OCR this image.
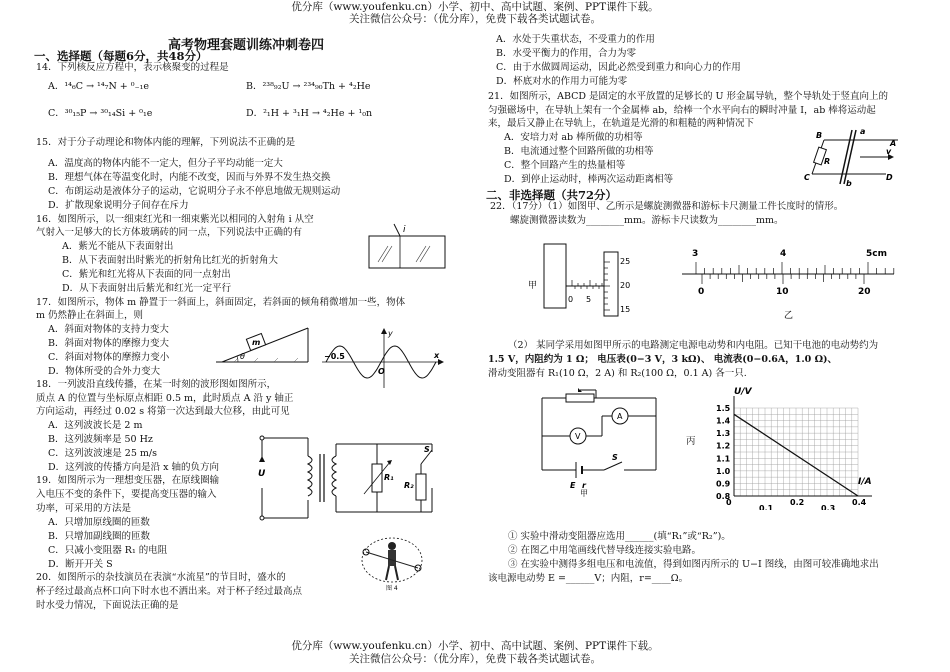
优分库（www.youfenku.cn）小学、初中、高中试题、案例、PPT课件下载。
关注微信公众号：（优分库），免费下载各类试题试卷。
高考物理套题训练冲刺卷四
一、选择题（每题6分，共48分）
14．下列核反应方程中，表示核聚变的过程是
A．¹⁴₆C → ¹⁴₇N + ⁰₋₁e	B．²³⁸₉₂U → ²³⁴₉₀Th + ⁴₂He
C．³⁰₁₅P → ³⁰₁₄Si + ⁰₁e	D．²₁H + ³₁H → ⁴₂He + ¹₀n
15．对于分子动理论和物体内能的理解，下列说法不正确的是
A．温度高的物体内能不一定大，但分子平均动能一定大
B．理想气体在等温变化时，内能不改变，因而与外界不发生热交换
C．布朗运动是液体分子的运动，它说明分子永不停息地做无规则运动
D．扩散现象说明分子间存在斥力
16．如图所示，以一细束红光和一细束紫光以相同的入射角 i 从空
气射入一足够大的长方体玻璃砖的同一点，下列说法中正确的有
A．紫光不能从下表面射出
B．从下表面射出时紫光的折射角比红光的折射角大
C．紫光和红光将从下表面的同一点射出
D．从下表面射出后紫光和红光一定平行
i
17．如图所示，物体 m 静置于一斜面上，斜面固定，若斜面的倾角稍微增加一些，物体
m 仍然静止在斜面上，则
A．斜面对物体的支持力变大
B．斜面对物体的摩擦力变大
C．斜面对物体的摩擦力变小
D．物体所受的合外力变大
m
θ
y
x
−0.5
O
18．一列波沿直线传播，在某一时刻的波形图如图所示，
质点 A 的位置与坐标原点相距 0.5 m，此时质点 A 沿 y 轴正
方向运动，再经过 0.02 s 将第一次达到最大位移，由此可见
A．这列波波长是 2 m
B．这列波频率是 50 Hz
C．这列波波速是 25 m/s
D．这列波的传播方向是沿 x 轴的负方向
19．如图所示为一理想变压器，在原线圈输
入电压不变的条件下，要提高变压器的输入
功率，可采用的方法是
A．只增加原线圈的匝数
B．只增加副线圈的匝数
C．只减小变阻器 R₁ 的电阻
D．断开开关 S
U	R₁
S
R₂
图 4
20．如图所示的杂技演员在表演“水流星”的节目时，盛水的
杯子经过最高点杯口向下时水也不洒出来。对于杯子经过最高点
时水受力情况，下面说法正确的是
A．水处于失重状态，不受重力的作用
B．水受平衡力的作用，合力为零
C．由于水做圆周运动，因此必然受到重力和向心力的作用
D．杯底对水的作用力可能为零
21．如图所示，ABCD 是固定的水平放置的足够长的 U 形金属导轨，整个导轨处于竖直向上的
匀强磁场中，在导轨上架有一个金属棒 ab，给棒一个水平向右的瞬时冲量 I，ab 棒将运动起
来，最后又静止在导轨上，在轨道是光滑的和粗糙的两种情况下
A．安培力对 ab 棒所做的功相等
B．电流通过整个回路所做的功相等
C．整个回路产生的热量相等
D．到停止运动时，棒两次运动距离相等
B	a
A
R
v
C
b
D
二、非选择题（共72分）
22．（17分）（1）如图甲、乙所示是螺旋测微器和游标卡尺测量工件长度时的情形。
螺旋测微器读数为________mm。游标卡尺读数为________mm。
甲
25
20
15
0 5
3	4	5cm
0	10	20
乙
（2） 某同学采用如图甲所示的电路测定电源电动势和内电阻。已知干电池的电动势约为
1.5 V，内阻约为 1 Ω； 电压表(0−3 V，3 kΩ)、 电流表(0−0.6A，1.0 Ω)、
滑动变阻器有 R₁(10 Ω，2 A) 和 R₂(100 Ω，0.1 A) 各一只.
A
V
E r
S
甲
丙
0.8
0.9
1.0
1.1
1.2
1.3
1.4
1.5
0
0.1
0.2
0.3
0.4
U/V
I/A
① 实验中滑动变阻器应选用______(填“R₁”或“R₂”)。
② 在图乙中用笔画线代替导线连接实验电路。
③ 在实验中测得多组电压和电流值，得到如图丙所示的 U−I 图线，由图可较准确地求出
该电源电动势 E =______V；内阻，r=____Ω。
优分库（www.youfenku.cn）小学、初中、高中试题、案例、PPT课件下载。
关注微信公众号：（优分库），免费下载各类试题试卷。
